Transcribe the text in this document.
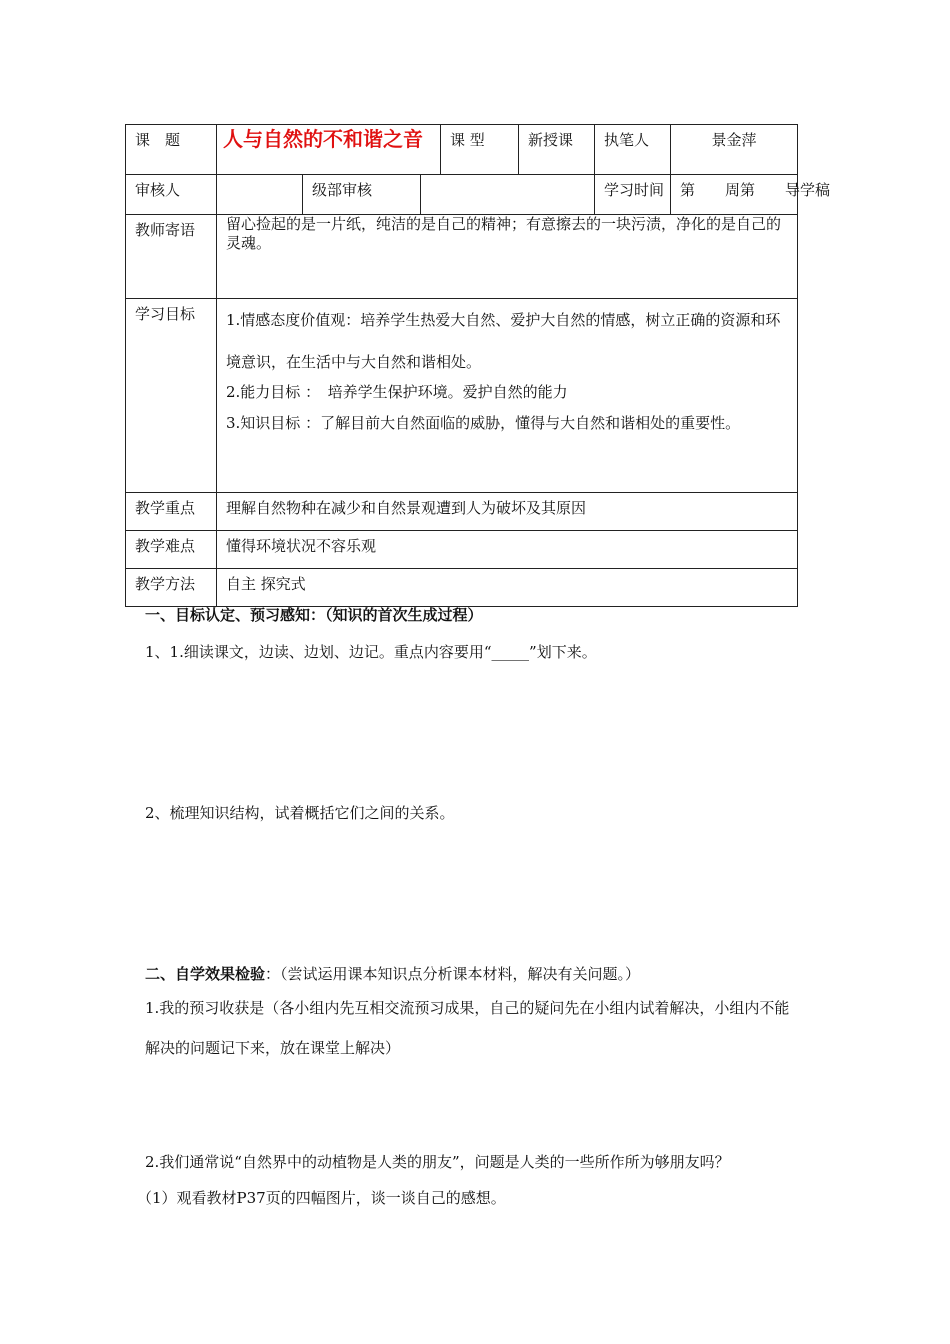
课　题	人与自然的不和谐之音			课 型	新授课	执笔人	景金萍
审核人		级部审核				学习时间	第　　周第　　导学稿
教师寄语	留心捡起的是一片纸，纯洁的是自己的精神；有意擦去的一块污渍，净化的是自己的灵魂。						
学习目标	1.情感态度价值观：培养学生热爱大自然、爱护大自然的情感，树立正确的资源和环境意识，在生活中与大自然和谐相处。

2.能力目标 ：　培养学生保护环境。爱护自然的能力

3.知识目标 ：了解目前大自然面临的威胁，懂得与大自然和谐相处的重要性。						

教学重点	理解自然物种在减少和自然景观遭到人为破坏及其原因						
教学难点	懂得环境状况不容乐观						
教学方法	自主 探究式						
一、目标认定、预习感知：（知识的首次生成过程）
1、1.细读课文，边读、边划、边记。重点内容要用“_____”划下来。
2、梳理知识结构，试着概括它们之间的关系。
二、自学效果检验：（尝试运用课本知识点分析课本材料，解决有关问题。）
1.我的预习收获是（各小组内先互相交流预习成果，自己的疑问先在小组内试着解决，小组内不能解决的问题记下来，放在课堂上解决）
2.我们通常说“自然界中的动植物是人类的朋友”，问题是人类的一些所作所为够朋友吗？
（1）观看教材P37页的四幅图片，谈一谈自己的感想。
